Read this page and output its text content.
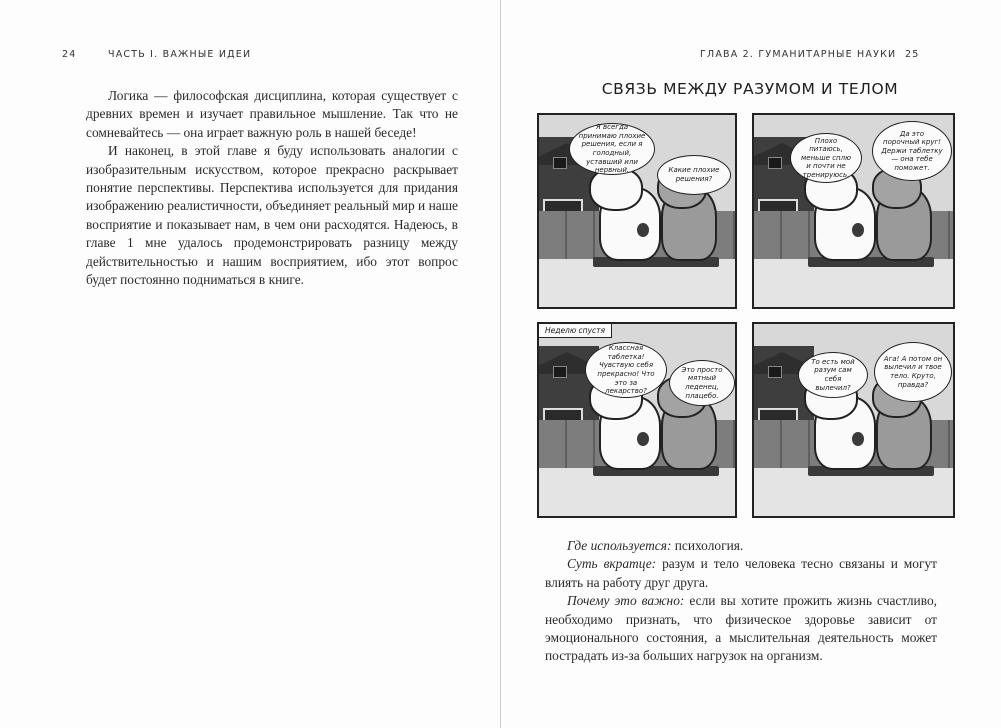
24	ЧАСТЬ I. ВАЖНЫЕ ИДЕИ

Логика — философская дисциплина, которая существует с древних времен и изучает правильное мышление. Так что не сомневайтесь — она играет важную роль в нашей беседе!

И наконец, в этой главе я буду использовать аналогии с изобразительным искусством, которое прекрасно раскрывает понятие перспективы. Перспектива используется для придания изображению реалистичности, объединяет реальный мир и наше восприятие и показывает нам, в чем они расходятся. Надеюсь, в главе 1 мне удалось продемонстрировать разницу между действительностью и нашим восприятием, ибо этот вопрос будет постоянно подниматься в книге.

ГЛАВА 2. ГУМАНИТАРНЫЕ НАУКИ 25
СВЯЗЬ МЕЖДУ РАЗУМОМ И ТЕЛОМ
Я всегда принимаю плохие решения, если я голодный, уставший или нервный.	Какие плохие решения?
Плохо питаюсь, меньше сплю и почти не тренируюсь.
Да это порочный круг! Держи таблетку — она тебе поможет.
Неделю спустя
Классная таблетка! Чувствую себя прекрасно! Что это за лекарство?
Это просто мятный леденец, плацебо.
То есть мой разум сам себя вылечил?
Ага! А потом он вылечил и твое тело. Круто, правда?

Где используется: психология.

Суть вкратце: разум и тело человека тесно связаны и могут влиять на работу друг друга.

Почему это важно: если вы хотите прожить жизнь счастливо, необходимо признать, что физическое здоровье зависит от эмоционального состояния, а мыслительная деятельность может пострадать из-за больших нагрузок на организм.
